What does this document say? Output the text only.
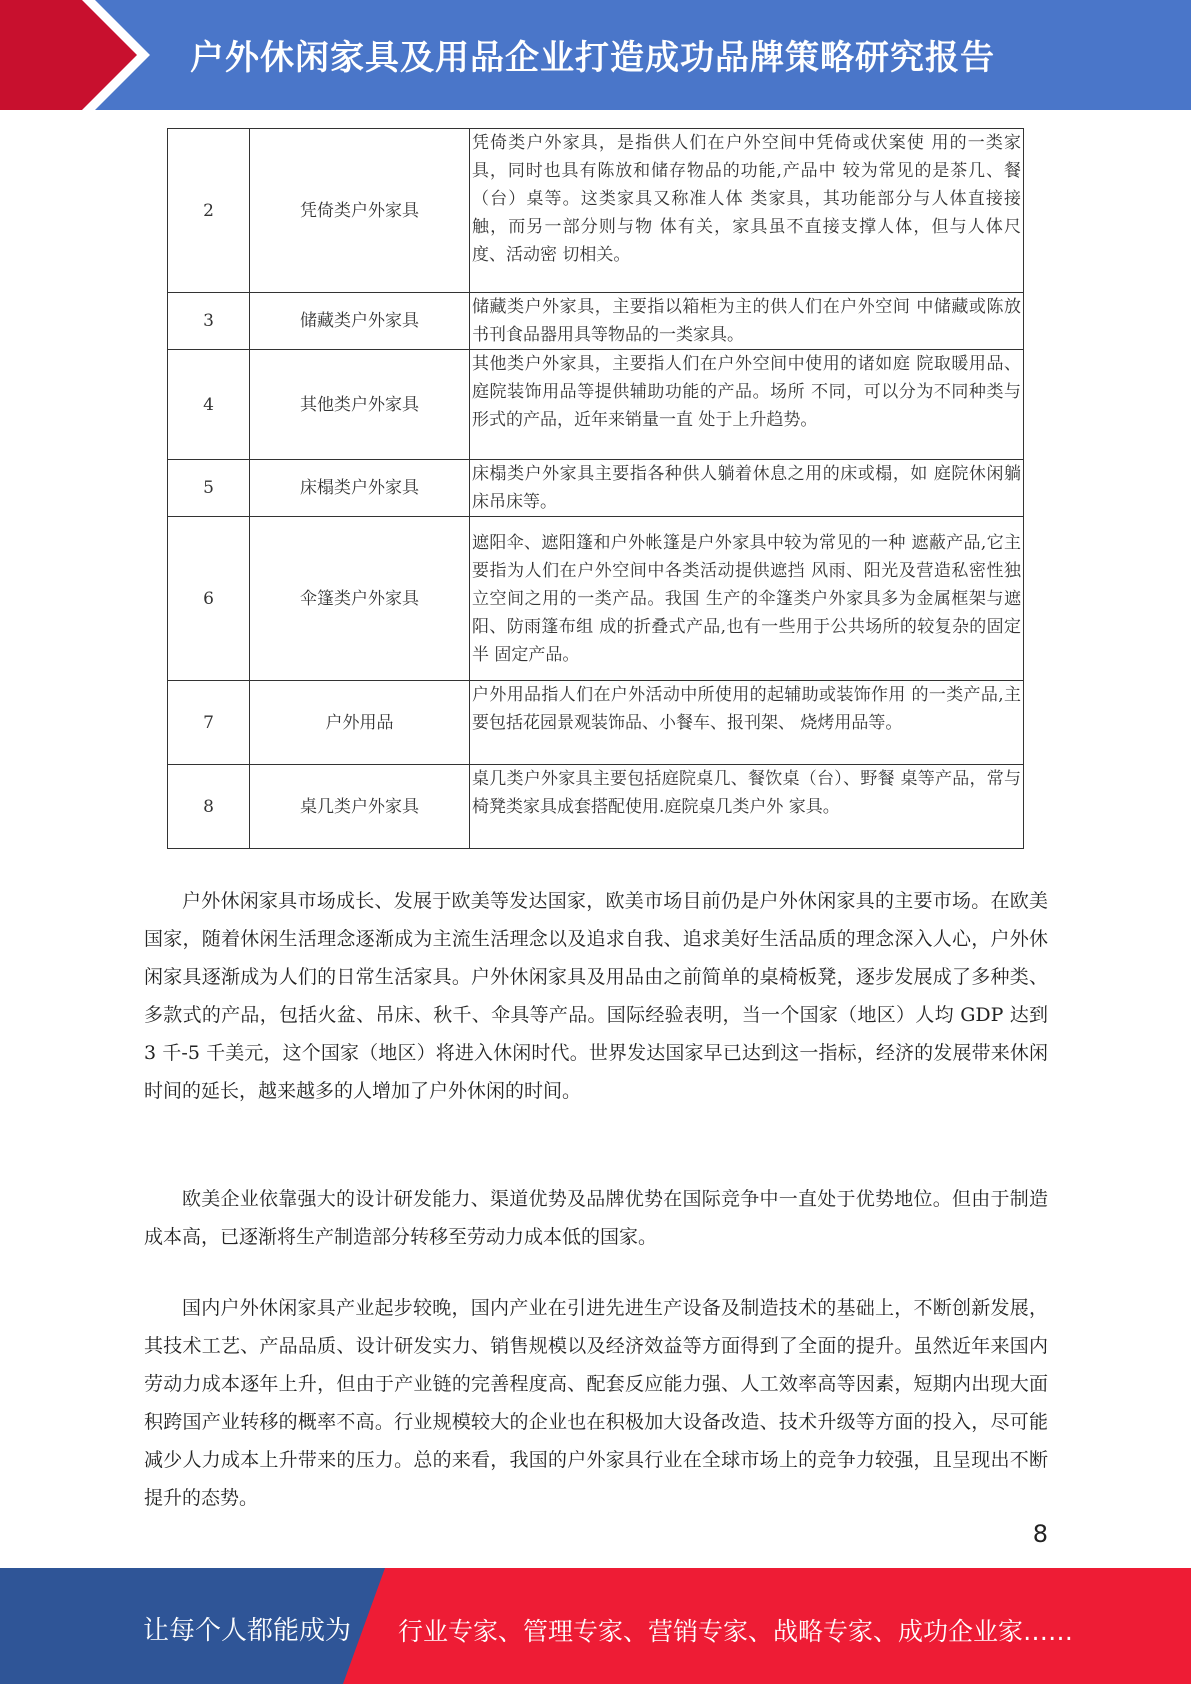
户外休闲家具及用品企业打造成功品牌策略研究报告
2	凭倚类户外家具	凭倚类户外家具，是指供人们在户外空间中凭倚或伏案使 用的一类家具，同时也具有陈放和储存物品的功能,产品中 较为常见的是茶几、餐（台）桌等。这类家具又称准人体 类家具，其功能部分与人体直接接触，而另一部分则与物 体有关，家具虽不直接支撑人体，但与人体尺度、活动密 切相关。
3	储藏类户外家具	储藏类户外家具，主要指以箱柜为主的供人们在户外空间 中储藏或陈放书刊食品器用具等物品的一类家具。
4	其他类户外家具	其他类户外家具，主要指人们在户外空间中使用的诸如庭 院取暖用品、庭院装饰用品等提供辅助功能的产品。场所 不同，可以分为不同种类与形式的产品，近年来销量一直 处于上升趋势。
5	床榻类户外家具	床榻类户外家具主要指各种供人躺着休息之用的床或榻，如 庭院休闲躺床吊床等。
6	伞篷类户外家具	遮阳伞、遮阳篷和户外帐篷是户外家具中较为常见的一种 遮蔽产品,它主要指为人们在户外空间中各类活动提供遮挡 风雨、阳光及营造私密性独立空间之用的一类产品。我国 生产的伞篷类户外家具多为金属框架与遮阳、防雨篷布组 成的折叠式产品,也有一些用于公共场所的较复杂的固定半 固定产品。
7	户外用品	户外用品指人们在户外活动中所使用的起辅助或装饰作用 的一类产品,主要包括花园景观装饰品、小餐车、报刊架、 烧烤用品等。
8	桌几类户外家具	桌几类户外家具主要包括庭院桌几、餐饮桌（台）、野餐 桌等产品，常与椅凳类家具成套搭配使用.庭院桌几类户外 家具。

户外休闲家具市场成长、发展于欧美等发达国家，欧美市场目前仍是户外休闲家具的主要市场。在欧美国家，随着休闲生活理念逐渐成为主流生活理念以及追求自我、追求美好生活品质的理念深入人心，户外休闲家具逐渐成为人们的日常生活家具。户外休闲家具及用品由之前简单的桌椅板凳，逐步发展成了多种类、多款式的产品，包括火盆、吊床、秋千、伞具等产品。国际经验表明，当一个国家（地区）人均 GDP 达到 3 千-5 千美元，这个国家（地区）将进入休闲时代。世界发达国家早已达到这一指标，经济的发展带来休闲时间的延长，越来越多的人增加了户外休闲的时间。

欧美企业依靠强大的设计研发能力、渠道优势及品牌优势在国际竞争中一直处于优势地位。但由于制造成本高，已逐渐将生产制造部分转移至劳动力成本低的国家。

国内户外休闲家具产业起步较晚，国内产业在引进先进生产设备及制造技术的基础上，不断创新发展，其技术工艺、产品品质、设计研发实力、销售规模以及经济效益等方面得到了全面的提升。虽然近年来国内劳动力成本逐年上升，但由于产业链的完善程度高、配套反应能力强、人工效率高等因素，短期内出现大面积跨国产业转移的概率不高。行业规模较大的企业也在积极加大设备改造、技术升级等方面的投入，尽可能减少人力成本上升带来的压力。总的来看，我国的户外家具行业在全球市场上的竞争力较强，且呈现出不断提升的态势。

8
让每个人都能成为 行业专家、管理专家、营销专家、战略专家、成功企业家……
